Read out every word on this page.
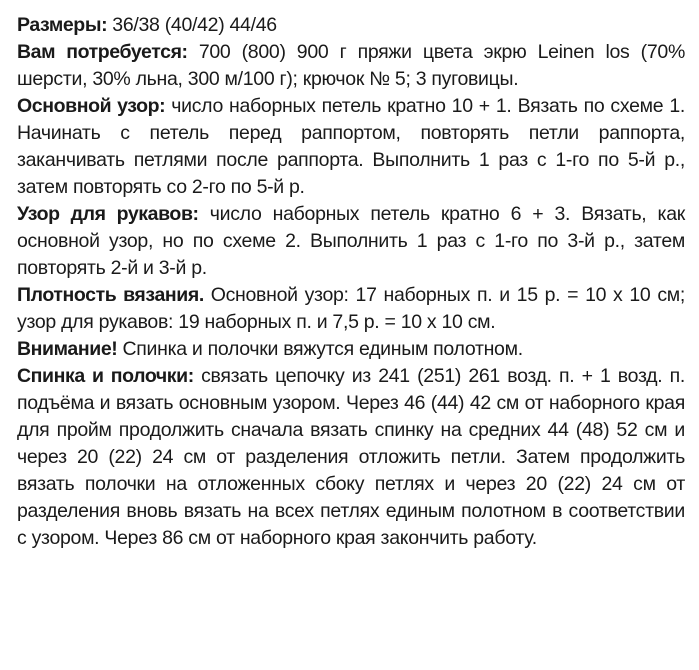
Размеры: 36/38 (40/42) 44/46

Вам потребуется: 700 (800) 900 г пряжи цвета экрю Leinen los (70% шерсти, 30% льна, 300 м/100 г); крючок № 5; 3 пуговицы.

Основной узор: число наборных петель кратно 10 + 1. Вязать по схеме 1. Начинать с петель перед раппортом, повторять петли раппорта, заканчивать петлями после раппорта. Выполнить 1 раз с 1-го по 5-й р., затем повторять со 2-го по 5-й р.

Узор для рукавов: число наборных петель кратно 6 + 3. Вязать, как основной узор, но по схеме 2. Выполнить 1 раз с 1-го по 3-й р., затем повторять 2-й и 3-й р.

Плотность вязания. Основной узор: 17 наборных п. и 15 р. = 10 х 10 см; узор для рукавов: 19 наборных п. и 7,5 р. = 10 х 10 см.

Внимание! Спинка и полочки вяжутся единым полотном.

Спинка и полочки: связать цепочку из 241 (251) 261 возд. п. + 1 возд. п. подъёма и вязать основным узором. Через 46 (44) 42 см от наборного края для пройм продолжить сначала вязать спинку на средних 44 (48) 52 см и через 20 (22) 24 см от разделения отложить петли. Затем продолжить вязать полочки на отложенных сбоку петлях и через 20 (22) 24 см от разделения вновь вязать на всех петлях единым полотном в соответствии с узором. Через 86 см от наборного края закончить работу.
